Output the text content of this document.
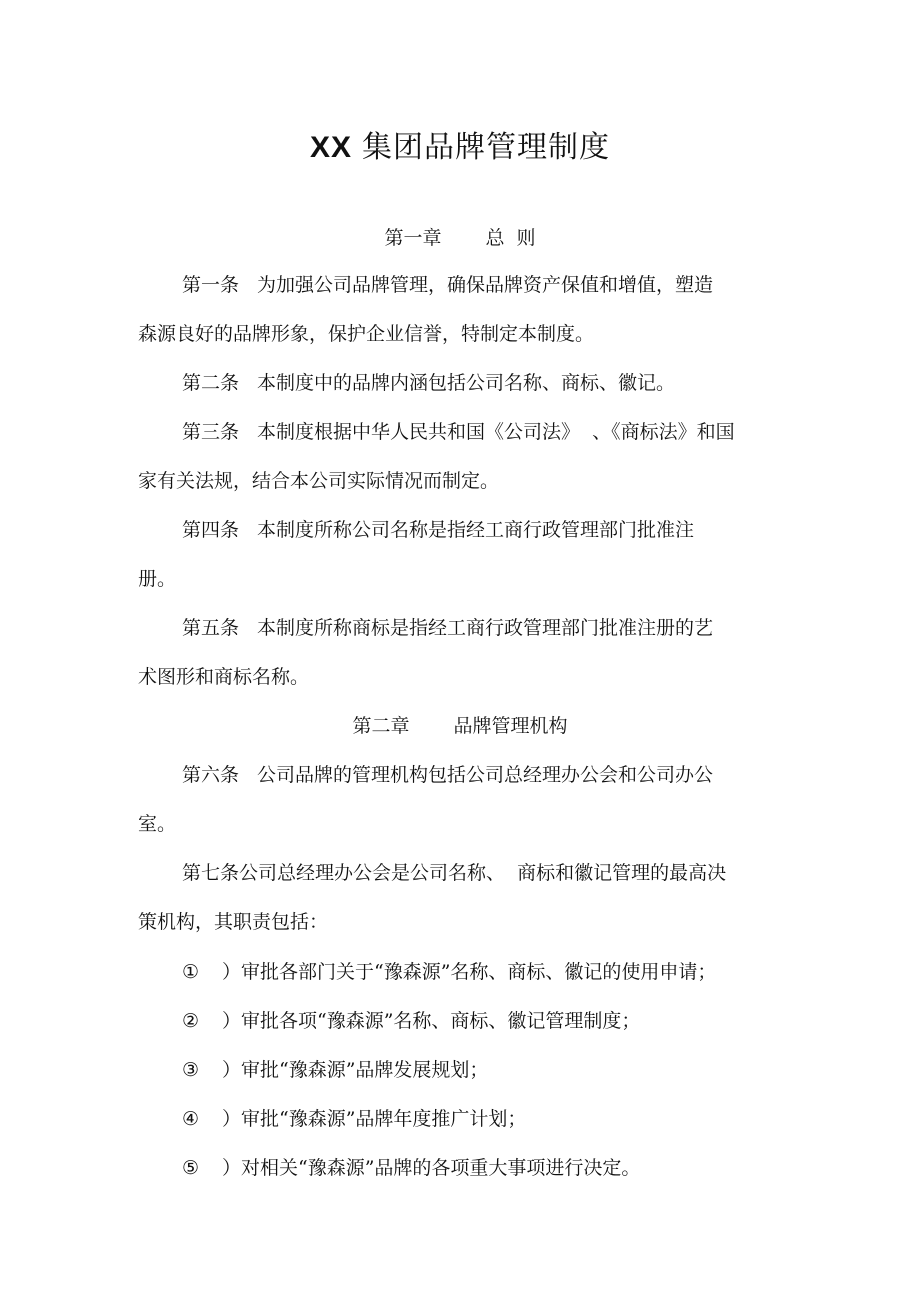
XX 集团品牌管理制度
第一章 总  则
第一条 为加强公司品牌管理，确保品牌资产保值和增值，塑造
森源良好的品牌形象，保护企业信誉，特制定本制度。
第二条 本制度中的品牌内涵包括公司名称、商标、徽记。
第三条 本制度根据中华人民共和国《公司法》  、《商标法》和国
家有关法规，结合本公司实际情况而制定。
第四条 本制度所称公司名称是指经工商行政管理部门批准注
册。
第五条 本制度所称商标是指经工商行政管理部门批准注册的艺
术图形和商标名称。
第二章 品牌管理机构
第六条 公司品牌的管理机构包括公司总经理办公会和公司办公
室。
第七条公司总经理办公会是公司名称、  商标和徽记管理的最高决
策机构，其职责包括：
① ）审批各部门关于“豫森源”名称、商标、徽记的使用申请；
② ）审批各项“豫森源”名称、商标、徽记管理制度；
③ ）审批“豫森源”品牌发展规划；
④ ）审批“豫森源”品牌年度推广计划；
⑤ ）对相关“豫森源”品牌的各项重大事项进行决定。
